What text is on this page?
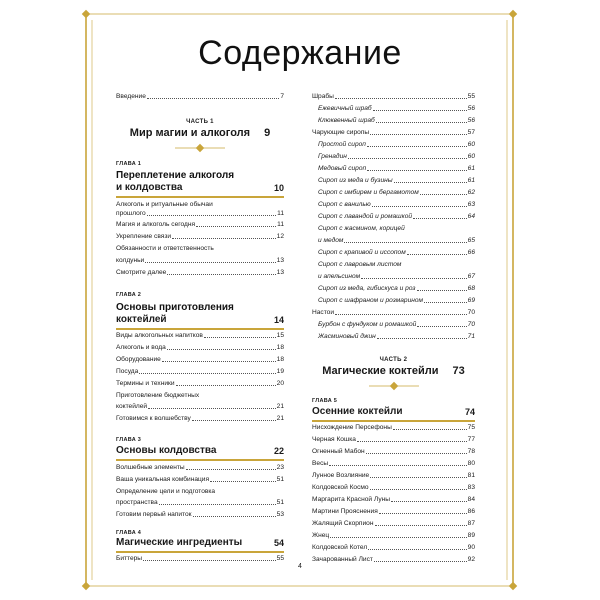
Содержание
Введение	7
ЧАСТЬ 1
Мир магии и алкоголя 9
ГЛАВА 1
Переплетение алкоголя
и колдовства	10
Алкоголь и ритуальные обычаи
прошлого	11
Магия и алкоголь сегодня	11
Укрепление связи	12
Обязанности и ответственность
колдуньи	13
Смотрите далее	13
ГЛАВА 2
Основы приготовления
коктейлей	14
Виды алкогольных напитков	15
Алкоголь и вода	18
Оборудование	18
Посуда	19
Термины и техники	20
Приготовление бюджетных
коктейлей	21
Готовимся к волшебству	21
ГЛАВА 3
Основы колдовства	22
Волшебные элементы	23
Ваша уникальная комбинация	51
Определение цели и подготовка
пространства	51
Готовим первый напиток	53
ГЛАВА 4
Магические ингредиенты	54
Биттеры	55
Шрабы	55
Ежевичный шраб	56
Клюквенный шраб	56
Чарующие сиропы	57
Простой сироп	60
Гренадин	60
Медовый сироп	61
Сироп из меда и бузины	61
Сироп с имбирем и бергамотом	62
Сироп с ванилью	63
Сироп с лавандой и ромашкой	64
Сироп с жасмином, корицей
и медом	65
Сироп с крапивой и иссопом	66
Сироп с лавровым листом
и апельсином	67
Сироп из меда, гибискуса и роз	68
Сироп с шафраном и розмарином	69
Настои	70
Бурбон с фундуком и ромашкой	70
Жасминовый джин	71
ЧАСТЬ 2
Магические коктейли 73
ГЛАВА 5
Осенние коктейли	74
Нисхождение Персефоны	75
Черная Кошка	77
Огненный Мабон	78
Весы	80
Лунное Возлияние	81
Колдовской Космо	83
Маргарита Красной Луны	84
Мартини Прояснения	86
Жалящий Скорпион	87
Жнец	89
Колдовской Котел	90
Зачарованный Лист	92
4
